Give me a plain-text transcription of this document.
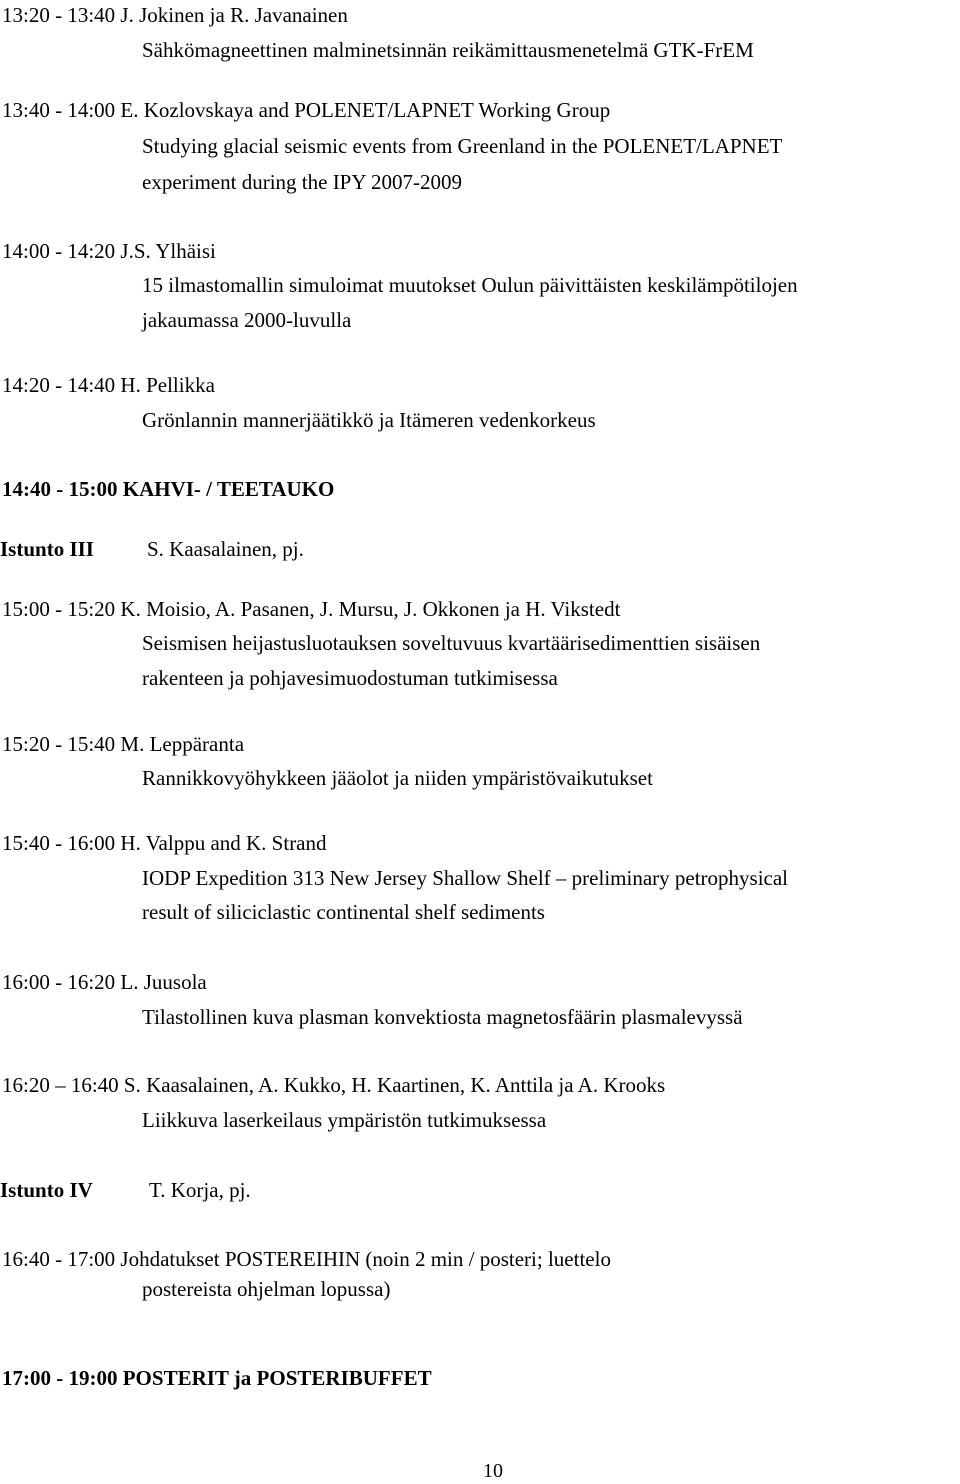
13:20 - 13:40 J. Jokinen ja R. Javanainen
Sähkömagneettinen malminetsinnän reikämittausmenetelmä GTK-FrEM
13:40 - 14:00 E. Kozlovskaya and POLENET/LAPNET Working Group
Studying glacial seismic events from Greenland in the POLENET/LAPNET
experiment during the IPY 2007-2009
14:00 - 14:20 J.S. Ylhäisi
15 ilmastomallin simuloimat muutokset Oulun päivittäisten keskilämpötilojen
jakaumassa 2000-luvulla
14:20 - 14:40 H. Pellikka
Grönlannin mannerjäätikkö ja Itämeren vedenkorkeus
14:40 - 15:00 KAHVI- / TEETAUKO
Istunto III	S. Kaasalainen, pj.
15:00 - 15:20 K. Moisio, A. Pasanen, J. Mursu, J. Okkonen ja H. Vikstedt
Seismisen heijastusluotauksen soveltuvuus kvartäärisedimenttien sisäisen
rakenteen ja pohjavesimuodostuman tutkimisessa
15:20 - 15:40 M. Leppäranta
Rannikkovyöhykkeen jääolot ja niiden ympäristövaikutukset
15:40 - 16:00 H. Valppu and K. Strand
IODP Expedition 313 New Jersey Shallow Shelf – preliminary petrophysical
result of siliciclastic continental shelf sediments
16:00 - 16:20 L. Juusola
Tilastollinen kuva plasman konvektiosta magnetosfäärin plasmalevyssä
16:20 – 16:40 S. Kaasalainen, A. Kukko, H. Kaartinen, K. Anttila ja A. Krooks
Liikkuva laserkeilaus ympäristön tutkimuksessa
Istunto IV	T. Korja, pj.
16:40 - 17:00 Johdatukset POSTEREIHIN (noin 2 min / posteri; luettelo
postereista ohjelman lopussa)
17:00 - 19:00 POSTERIT ja POSTERIBUFFET
10
